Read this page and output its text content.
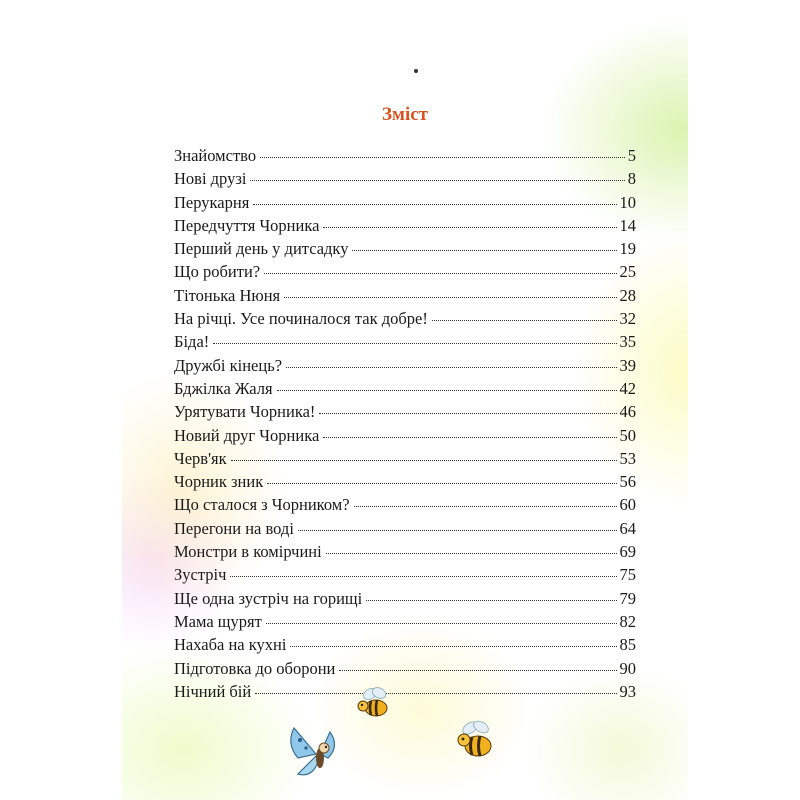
Зміст
Знайомство	5
Нові друзі	8
Перукарня	10
Передчуття Чорника	14
Перший день у дитсадку	19
Що робити?	25
Тітонька Нюня	28
На річці. Усе починалося так добре!	32
Біда!	35
Дружбі кінець?	39
Бджілка Жаля	42
Урятувати Чорника!	46
Новий друг Чорника	50
Черв'як	53
Чорник зник	56
Що сталося з Чорником?	60
Перегони на воді	64
Монстри в комірчині	69
Зустріч	75
Ще одна зустріч на горищі	79
Мама щурят	82
Нахаба на кухні	85
Підготовка до оборони	90
Нічний бій	93
